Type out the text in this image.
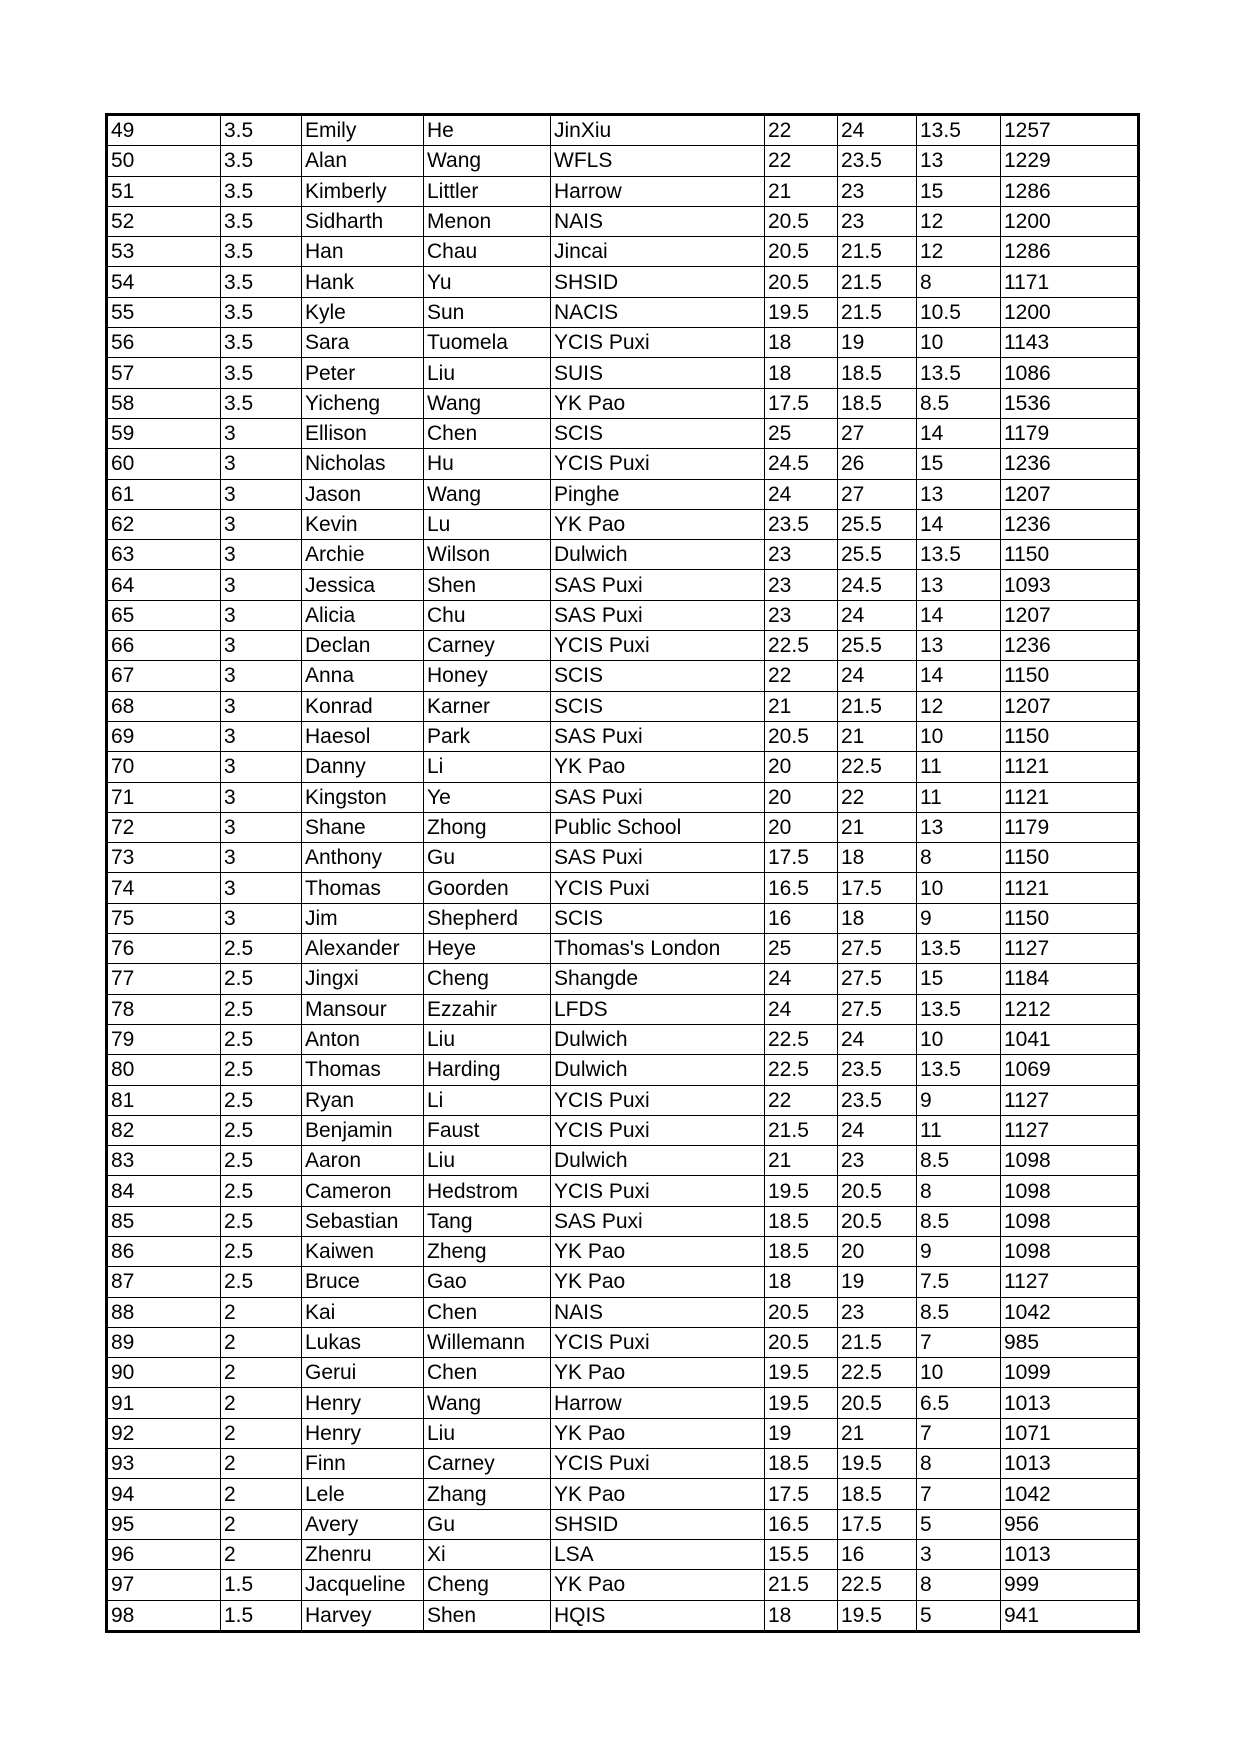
49	3.5	Emily	He	JinXiu	22	24	13.5	1257
50	3.5	Alan	Wang	WFLS	22	23.5	13	1229
51	3.5	Kimberly	Littler	Harrow	21	23	15	1286
52	3.5	Sidharth	Menon	NAIS	20.5	23	12	1200
53	3.5	Han	Chau	Jincai	20.5	21.5	12	1286
54	3.5	Hank	Yu	SHSID	20.5	21.5	8	1171
55	3.5	Kyle	Sun	NACIS	19.5	21.5	10.5	1200
56	3.5	Sara	Tuomela	YCIS Puxi	18	19	10	1143
57	3.5	Peter	Liu	SUIS	18	18.5	13.5	1086
58	3.5	Yicheng	Wang	YK Pao	17.5	18.5	8.5	1536
59	3	Ellison	Chen	SCIS	25	27	14	1179
60	3	Nicholas	Hu	YCIS Puxi	24.5	26	15	1236
61	3	Jason	Wang	Pinghe	24	27	13	1207
62	3	Kevin	Lu	YK Pao	23.5	25.5	14	1236
63	3	Archie	Wilson	Dulwich	23	25.5	13.5	1150
64	3	Jessica	Shen	SAS Puxi	23	24.5	13	1093
65	3	Alicia	Chu	SAS Puxi	23	24	14	1207
66	3	Declan	Carney	YCIS Puxi	22.5	25.5	13	1236
67	3	Anna	Honey	SCIS	22	24	14	1150
68	3	Konrad	Karner	SCIS	21	21.5	12	1207
69	3	Haesol	Park	SAS Puxi	20.5	21	10	1150
70	3	Danny	Li	YK Pao	20	22.5	11	1121
71	3	Kingston	Ye	SAS Puxi	20	22	11	1121
72	3	Shane	Zhong	Public School	20	21	13	1179
73	3	Anthony	Gu	SAS Puxi	17.5	18	8	1150
74	3	Thomas	Goorden	YCIS Puxi	16.5	17.5	10	1121
75	3	Jim	Shepherd	SCIS	16	18	9	1150
76	2.5	Alexander	Heye	Thomas's London	25	27.5	13.5	1127
77	2.5	Jingxi	Cheng	Shangde	24	27.5	15	1184
78	2.5	Mansour	Ezzahir	LFDS	24	27.5	13.5	1212
79	2.5	Anton	Liu	Dulwich	22.5	24	10	1041
80	2.5	Thomas	Harding	Dulwich	22.5	23.5	13.5	1069
81	2.5	Ryan	Li	YCIS Puxi	22	23.5	9	1127
82	2.5	Benjamin	Faust	YCIS Puxi	21.5	24	11	1127
83	2.5	Aaron	Liu	Dulwich	21	23	8.5	1098
84	2.5	Cameron	Hedstrom	YCIS Puxi	19.5	20.5	8	1098
85	2.5	Sebastian	Tang	SAS Puxi	18.5	20.5	8.5	1098
86	2.5	Kaiwen	Zheng	YK Pao	18.5	20	9	1098
87	2.5	Bruce	Gao	YK Pao	18	19	7.5	1127
88	2	Kai	Chen	NAIS	20.5	23	8.5	1042
89	2	Lukas	Willemann	YCIS Puxi	20.5	21.5	7	985
90	2	Gerui	Chen	YK Pao	19.5	22.5	10	1099
91	2	Henry	Wang	Harrow	19.5	20.5	6.5	1013
92	2	Henry	Liu	YK Pao	19	21	7	1071
93	2	Finn	Carney	YCIS Puxi	18.5	19.5	8	1013
94	2	Lele	Zhang	YK Pao	17.5	18.5	7	1042
95	2	Avery	Gu	SHSID	16.5	17.5	5	956
96	2	Zhenru	Xi	LSA	15.5	16	3	1013
97	1.5	Jacqueline	Cheng	YK Pao	21.5	22.5	8	999
98	1.5	Harvey	Shen	HQIS	18	19.5	5	941
